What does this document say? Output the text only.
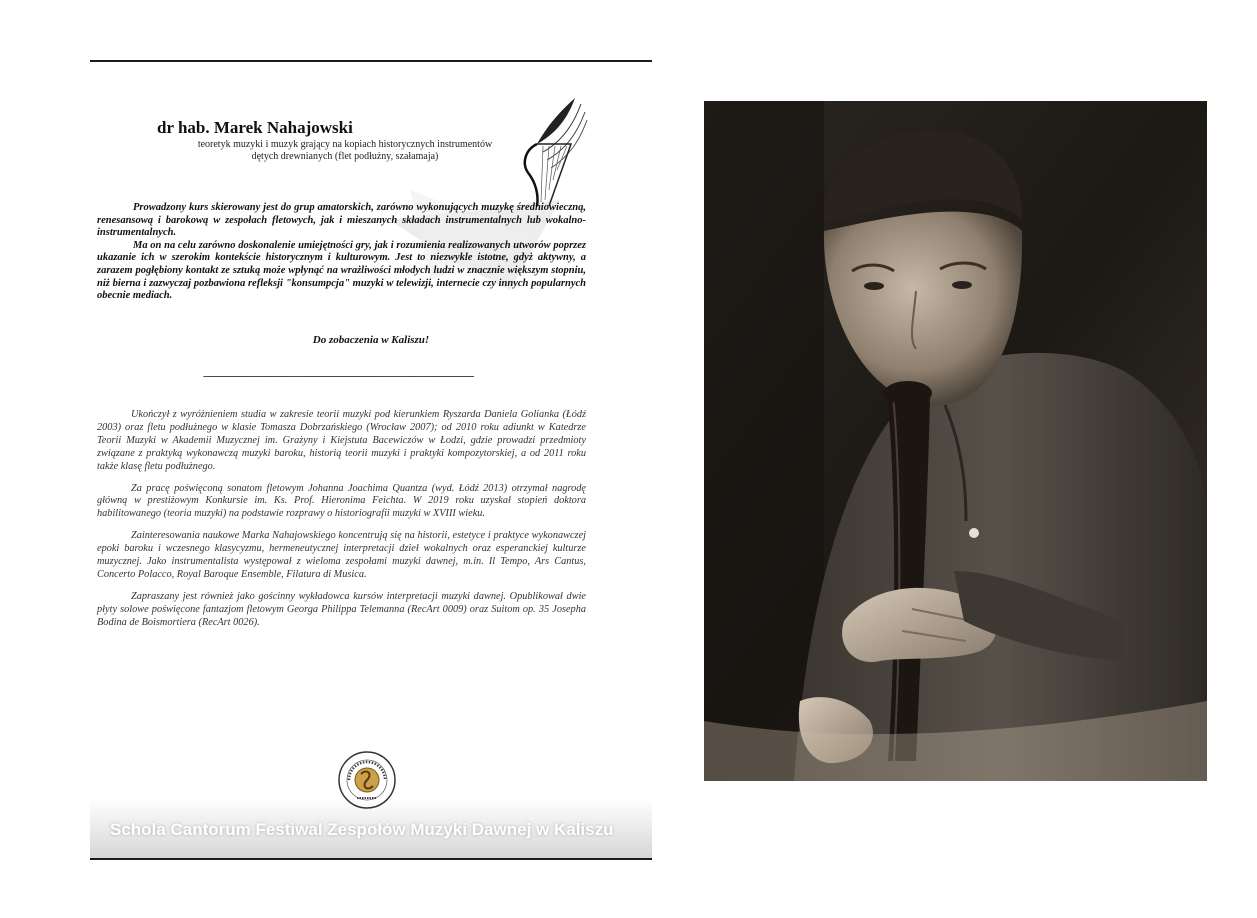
dr hab. Marek Nahajowski
teoretyk muzyki i muzyk grający na kopiach historycznych instrumentów
dętych drewnianych (flet podłużny, szałamaja)

Prowadzony kurs skierowany jest do grup amatorskich, zarówno wykonujących muzykę średniowieczną, renesansową i barokową w zespołach fletowych, jak i mieszanych składach instrumentalnych lub wokalno-instrumentalnych.

Ma on na celu zarówno doskonalenie umiejętności gry, jak i rozumienia realizowanych utworów poprzez ukazanie ich w szerokim kontekście historycznym i kulturowym. Jest to niezwykle istotne, gdyż aktywny, a zarazem pogłębiony kontakt ze sztuką może wpłynąć na wrażliwości młodych ludzi w znacznie większym stopniu, niż bierna i zazwyczaj pozbawiona refleksji "konsumpcja" muzyki w telewizji, internecie czy innych popularnych obecnie mediach.

Do zobaczenia w Kaliszu!
--------------------------------------------------------------------------------------------------------------------

Ukończył z wyróżnieniem studia w zakresie teorii muzyki pod kierunkiem Ryszarda Daniela Golianka (Łódź 2003) oraz fletu podłużnego w klasie Tomasza Dobrzańskiego (Wrocław 2007); od 2010 roku adiunkt w Katedrze Teorii Muzyki w Akademii Muzycznej im. Grażyny i Kiejstuta Bacewiczów w Łodzi, gdzie prowadzi przedmioty związane z praktyką wykonawczą muzyki baroku, historią teorii muzyki i praktyki kompozytorskiej, a od 2011 roku także klasę fletu podłużnego.

Za pracę poświęconą sonatom fletowym Johanna Joachima Quantza (wyd. Łódź 2013) otrzymał nagrodę główną w prestiżowym Konkursie im. Ks. Prof. Hieronima Feichta. W 2019 roku uzyskał stopień doktora habilitowanego (teoria muzyki) na podstawie rozprawy o historiografii muzyki w XVIII wieku.

Zainteresowania naukowe Marka Nahajowskiego koncentrują się na historii, estetyce i praktyce wykonawczej epoki baroku i wczesnego klasycyzmu, hermeneutycznej interpretacji dzieł wokalnych oraz esperanckiej kulturze muzycznej. Jako instrumentalista występował z wieloma zespołami muzyki dawnej, m.in. Il Tempo, Ars Cantus, Concerto Polacco, Royal Baroque Ensemble, Filatura di Musica.

Zapraszany jest również jako gościnny wykładowca kursów interpretacji muzyki dawnej. Opublikował dwie płyty solowe poświęcone fantazjom fletowym Georga Philippa Telemanna (RecArt 0009) oraz Suitom op. 35 Josepha Bodina de Boismortiera (RecArt 0026).

Schola Cantorum Festiwal Zespołów Muzyki Dawnej w Kaliszu
